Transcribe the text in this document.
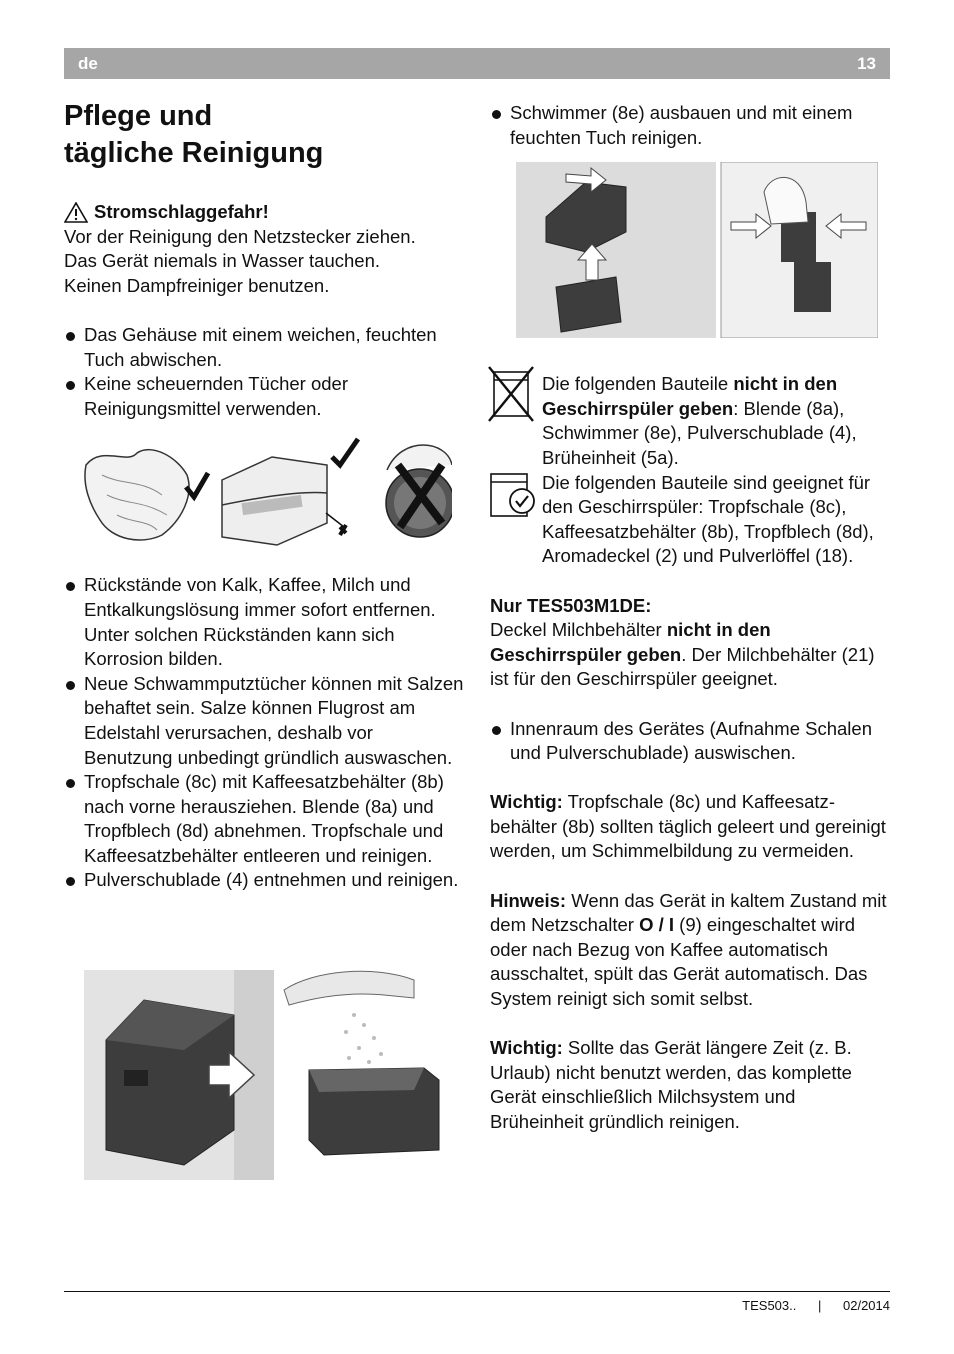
de	13
Pflege und
tägliche Reinigung
Stromschlaggefahr!

Vor der Reinigung den Netzstecker ziehen.

Das Gerät niemals in Wasser tauchen.

Keinen Dampfreiniger benutzen.

Das Gehäuse mit einem weichen, feuchten Tuch abwischen.
Keine scheuernden Tücher oder Reinigungsmittel verwenden.
Rückstände von Kalk, Kaffee, Milch und Entkalkungslösung immer sofort entfernen. Unter solchen Rückständen kann sich Korrosion bilden.
Neue Schwammputztücher können mit Salzen behaftet sein. Salze können Flugrost am Edelstahl verursachen, deshalb vor Benutzung unbedingt gründlich auswaschen.
Tropfschale (8c) mit Kaffeesatzbehälter (8b) nach vorne herausziehen. Blende (8a) und Tropfblech (8d) abnehmen. Tropfschale und Kaffeesatzbehälter entleeren und reinigen.
Pulverschublade (4) entnehmen und reinigen.
Schwimmer (8e) ausbauen und mit einem feuchten Tuch reinigen.

Die folgenden Bauteile nicht in den Geschirrspüler geben: Blende (8a), Schwimmer (8e), Pulverschublade (4), Brüheinheit (5a).

Die folgenden Bauteile sind geeignet für den Geschirrspüler: Tropfschale (8c), Kaffeesatzbehälter (8b), Tropfblech (8d), Aromadeckel (2) und Pulverlöffel (18).

Nur TES503M1DE:

Deckel Milchbehälter nicht in den Geschirrspüler geben. Der Milchbehälter (21) ist für den Geschirrspüler geeignet.

Innenraum des Gerätes (Aufnahme Schalen und Pulverschublade) auswischen.

Wichtig: Tropfschale (8c) und Kaffeesatzbehälter (8b) sollten täglich geleert und gereinigt werden, um Schimmelbildung zu vermeiden.

Hinweis: Wenn das Gerät in kaltem Zustand mit dem Netzschalter O / I (9) eingeschaltet wird oder nach Bezug von Kaffee automatisch ausschaltet, spült das Gerät automatisch. Das System reinigt sich somit selbst.

Wichtig: Sollte das Gerät längere Zeit (z. B. Urlaub) nicht benutzt werden, das komplette Gerät einschließlich Milchsystem und Brüheinheit gründlich reinigen.

TES503.. | 02/2014
